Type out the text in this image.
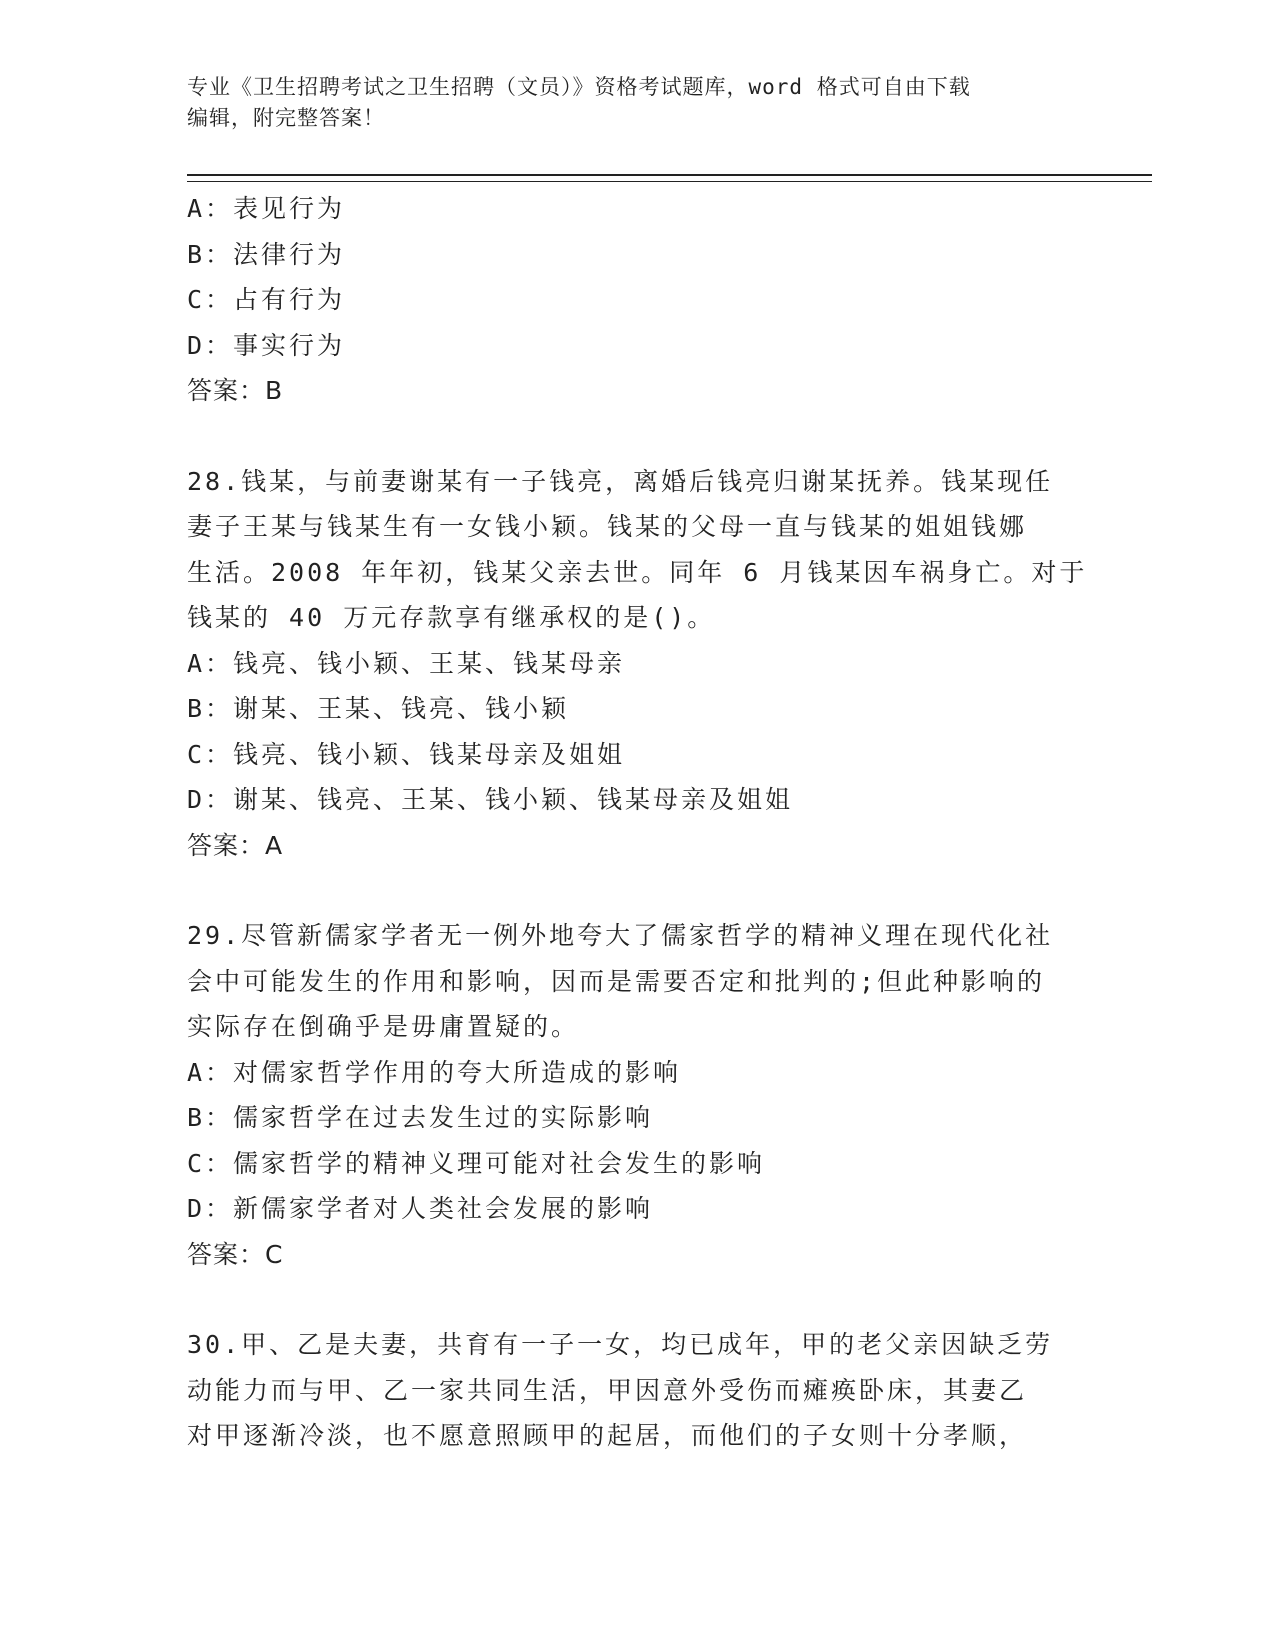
专业《卫生招聘考试之卫生招聘（文员）》资格考试题库，word 格式可自由下载
编辑，附完整答案！
A：表见行为
B：法律行为
C：占有行为
D：事实行为
答案：B
28.钱某，与前妻谢某有一子钱亮，离婚后钱亮归谢某抚养。钱某现任
妻子王某与钱某生有一女钱小颖。钱某的父母一直与钱某的姐姐钱娜
生活。2008 年年初，钱某父亲去世。同年 6 月钱某因车祸身亡。对于
钱某的 40 万元存款享有继承权的是()。
A：钱亮、钱小颖、王某、钱某母亲
B：谢某、王某、钱亮、钱小颖
C：钱亮、钱小颖、钱某母亲及姐姐
D：谢某、钱亮、王某、钱小颖、钱某母亲及姐姐
答案：A
29.尽管新儒家学者无一例外地夸大了儒家哲学的精神义理在现代化社
会中可能发生的作用和影响，因而是需要否定和批判的;但此种影响的
实际存在倒确乎是毋庸置疑的。
A：对儒家哲学作用的夸大所造成的影响
B：儒家哲学在过去发生过的实际影响
C：儒家哲学的精神义理可能对社会发生的影响
D：新儒家学者对人类社会发展的影响
答案：C
30.甲、乙是夫妻，共育有一子一女，均已成年，甲的老父亲因缺乏劳
动能力而与甲、乙一家共同生活，甲因意外受伤而瘫痪卧床，其妻乙
对甲逐渐冷淡，也不愿意照顾甲的起居，而他们的子女则十分孝顺，
